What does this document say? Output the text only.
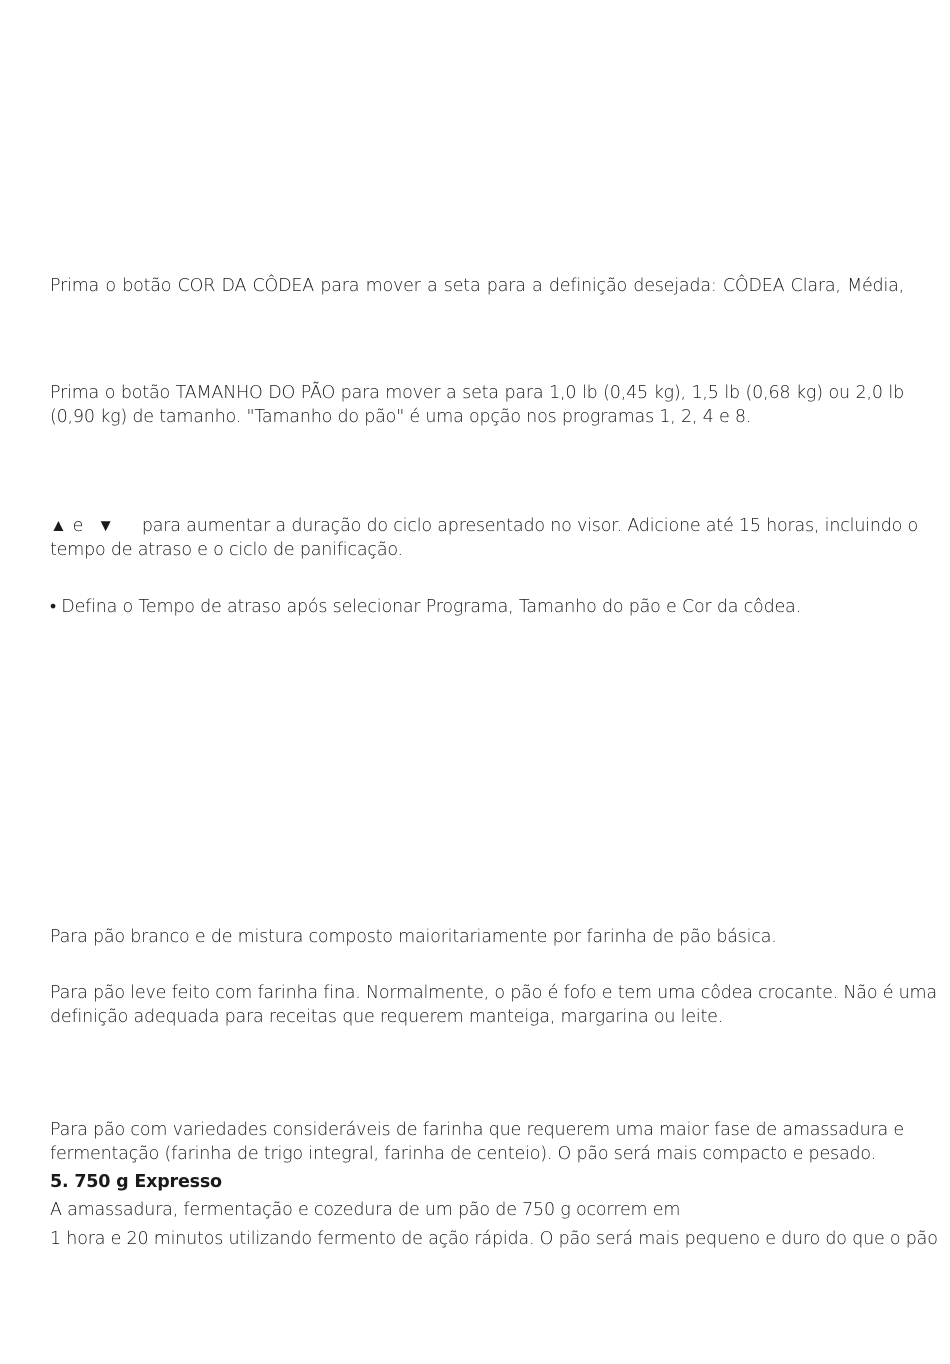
Prima o botão COR DA CÔDEA para mover a seta para a definição desejada: CÔDEA Clara, Média,
Prima o botão TAMANHO DO PÃO para mover a seta para 1,0 lb (0,45 kg), 1,5 lb (0,68 kg) ou 2,0 lb
(0,90 kg) de tamanho. "Tamanho do pão" é uma opção nos programas 1, 2, 4 e 8.
▲ e ▼ para aumentar a duração do ciclo apresentado no visor. Adicione até 15 horas, incluindo o
tempo de atraso e o ciclo de panificação.
• Defina o Tempo de atraso após selecionar Programa, Tamanho do pão e Cor da côdea.
Para pão branco e de mistura composto maioritariamente por farinha de pão básica.
Para pão leve feito com farinha fina. Normalmente, o pão é fofo e tem uma côdea crocante. Não é uma
definição adequada para receitas que requerem manteiga, margarina ou leite.
Para pão com variedades consideráveis de farinha que requerem uma maior fase de amassadura e
fermentação (farinha de trigo integral, farinha de centeio). O pão será mais compacto e pesado.
5. 750 g Expresso
A amassadura, fermentação e cozedura de um pão de 750 g ocorrem em
1 hora e 20 minutos utilizando fermento de ação rápida. O pão será mais pequeno e duro do que o pão
